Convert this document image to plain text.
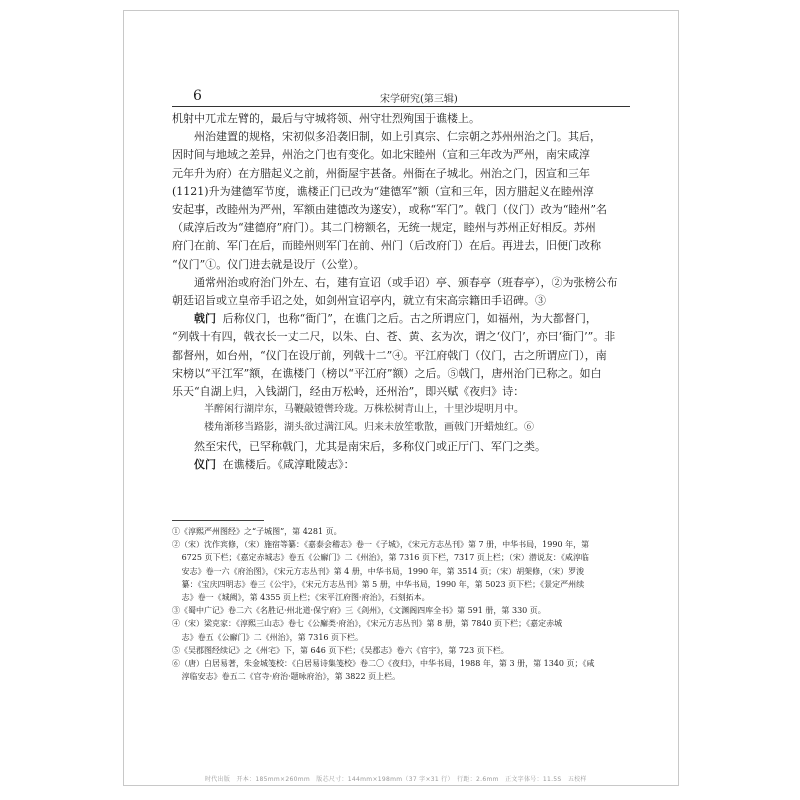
6	宋学研究(第三辑)

机射中兀朮左臂的，最后与守城将领、州守壮烈殉国于谯楼上。

州治建置的规格，宋初似多沿袭旧制，如上引真宗、仁宗朝之苏州州治之门。其后，

因时间与地域之差异，州治之门也有变化。如北宋睦州（宣和三年改为严州，南宋咸淳

元年升为府）在方腊起义之前，州衙屋宇甚备。州衙在子城北。州治之门，因宣和三年

(1121)升为建德军节度，谯楼正门已改为“建德军”额（宣和三年，因方腊起义在睦州淳

安起事，改睦州为严州，军额由建德改为遂安），或称“军门”。戟门（仪门）改为“睦州”名

（咸淳后改为“建德府”府门）。其二门榜额名，无统一规定，睦州与苏州正好相反。苏州

府门在前、军门在后，而睦州则军门在前、州门（后改府门）在后。再进去，旧便门改称

“仪门”①。仪门进去就是设厅（公堂）。

通常州治或府治门外左、右，建有宣诏（或手诏）亭、颁春亭（班春亭），②为张榜公布

朝廷诏旨或立皇帝手诏之处，如剑州宣诏亭内，就立有宋高宗籍田手诏碑。③

戟门 后称仪门，也称“衙门”，在谯门之后。古之所谓应门，如福州，为大都督门，

“列戟十有四，戟衣长一丈二尺，以朱、白、苍、黄、玄为次，谓之‘仪门’，亦曰‘衙门’”。非

都督州，如台州，“仪门在设厅前，列戟十二”④。平江府戟门（仪门，古之所谓应门），南

宋榜以“平江军”额，在谯楼门（榜以“平江府”额）之后。⑤戟门，唐州治门已称之。如白

乐天“自湖上归，入钱湖门，经由万松岭，还州治”，即兴赋《夜归》诗：

半醉闲行湖岸东，马鞭敲镫辔玲珑。万株松树青山上，十里沙堤明月中。

楼角渐移当路影，湖头欲过满江风。归来未放笙歌散，画戟门开蜡烛红。⑥

然至宋代，已罕称戟门，尤其是南宋后，多称仪门或正厅门、军门之类。

仪门 在谯楼后。《咸淳毗陵志》：

①《淳熙严州图经》之“子城图”，第 4281 页。

②（宋）沈作宾修，（宋）施宿等纂：《嘉泰会稽志》卷一《子城》，《宋元方志丛刊》第 7 册，中华书局，1990 年，第

6725 页下栏；《嘉定赤城志》卷五《公廨门》二《州治》，第 7316 页下栏，7317 页上栏；（宋）潜说友：《咸淳临

安志》卷一六《府治图》，《宋元方志丛刊》第 4 册，中华书局，1990 年，第 3514 页；（宋）胡架修，（宋）罗浚

纂：《宝庆四明志》卷三《公宇》，《宋元方志丛刊》第 5 册，中华书局，1990 年，第 5023 页下栏；《景定严州续

志》卷一《城阙》，第 4355 页上栏；《宋平江府图·府治》，石刻拓本。

③《蜀中广记》卷二六《名胜记·州北道·保宁府》三《剑州》，《文渊阁四库全书》第 591 册，第 330 页。

④（宋）梁克家：《淳熙三山志》卷七《公廨类·府治》，《宋元方志丛刊》第 8 册，第 7840 页下栏；《嘉定赤城

志》卷五《公廨门》二《州治》，第 7316 页下栏。

⑤《吴郡图经续记》之《州宅》下，第 646 页下栏；《吴郡志》卷六《官宇》，第 723 页下栏。

⑥（唐）白居易著，朱金城笺校：《白居易诗集笺校》卷二〇《夜归》，中华书局，1988 年，第 3 册，第 1340 页；《咸

淳临安志》卷五二《官寺·府治·题咏府治》，第 3822 页上栏。

时代出版　开本：185mm×260mm　版芯尺寸：144mm×198mm（37 字×31 行）　行距：2.6mm　正文字体号：11.5S　五校样
